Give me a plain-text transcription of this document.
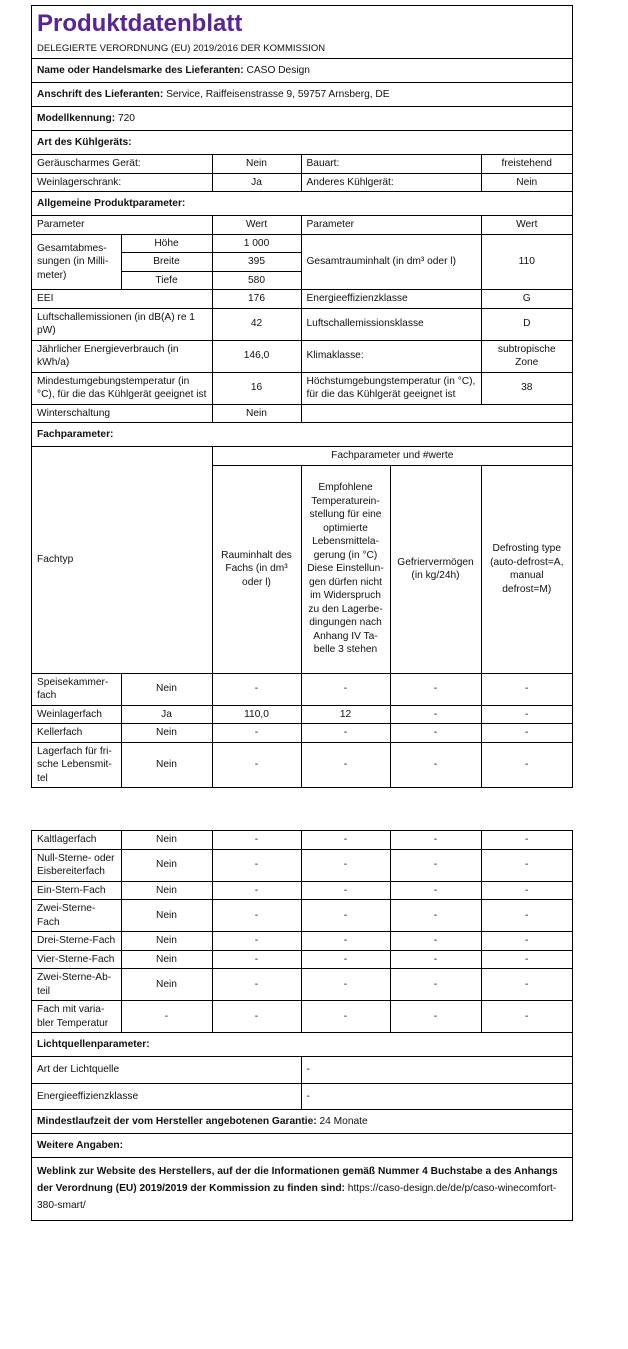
Produktdatenblatt
DELEGIERTE VERORDNUNG (EU) 2019/2016 DER KOMMISSION
Name oder Handelsmarke des Lieferanten: CASO Design
Anschrift des Lieferanten: Service, Raiffeisenstrasse 9, 59757 Arnsberg, DE
Modellkennung: 720
Art des Kühlgeräts:
Geräuscharmes Gerät:	Nein	Bauart:	freistehend
Weinlagerschrank:	Ja	Anderes Kühlgerät:	Nein
Allgemeine Produktparameter:
Parameter		Wert	Parameter	Wert
Gesamtabmessungen (in Millimeter)	Höhe	1 000	Gesamtrauminhalt (in dm³ oder l)	110
	Breite	395		
	Tiefe	580		
EEI		176	Energieeffizienzklasse	G
Luftschallemissionen (in dB(A) re 1 pW)		42	Luftschallemissionsklasse	D
Jährlicher Energieverbrauch (in kWh/a)		146,0	Klimaklasse:	subtropische Zone
Mindestumgebungstemperatur (in °C), für die das Kühlgerät geeignet ist		16	Höchstumgebungstemperatur (in °C), für die das Kühlgerät geeignet ist	38
Winterschaltung		Nein		
Fachparameter:
Fachtyp		Fachparameter und #werte			
		Rauminhalt des Fachs (in dm³ oder l)	Empfohlene Temperatureinstellung für eine optimierte Lebensmittelagerung (in °C) Diese Einstellungen dürfen nicht im Widerspruch zu den Lagerbedingungen nach Anhang IV Tabelle 3 stehen	Gefriervermögen (in kg/24h)	Defrosting type (auto-defrost=A, manual defrost=M)
Speisekammerfach	Nein	-	-	-	-
Weinlagerfach	Ja	110,0	12	-	-
Kellerfach	Nein	-	-	-	-
Lagerfach für frische Lebensmittel	Nein	-	-	-	-
Kaltlagerfach	Nein	-	-	-	-
Null-Sterne- oder Eisbereiterfach	Nein	-	-	-	-
Ein-Stern-Fach	Nein	-	-	-	-
Zwei-Sterne-Fach	Nein	-	-	-	-
Drei-Sterne-Fach	Nein	-	-	-	-
Vier-Sterne-Fach	Nein	-	-	-	-
Zwei-Sterne-Abteil	Nein	-	-	-	-
Fach mit variabler Temperatur	-	-	-	-	-
Lichtquellenparameter:
Art der Lichtquelle	-
Energieeffizienzklasse	-
Mindestlaufzeit der vom Hersteller angebotenen Garantie: 24 Monate
Weitere Angaben:
Weblink zur Website des Herstellers, auf der die Informationen gemäß Nummer 4 Buchstabe a des Anhangs der Verordnung (EU) 2019/2019 der Kommission zu finden sind: https://caso-design.de/de/p/caso-winecomfort-380-smart/
